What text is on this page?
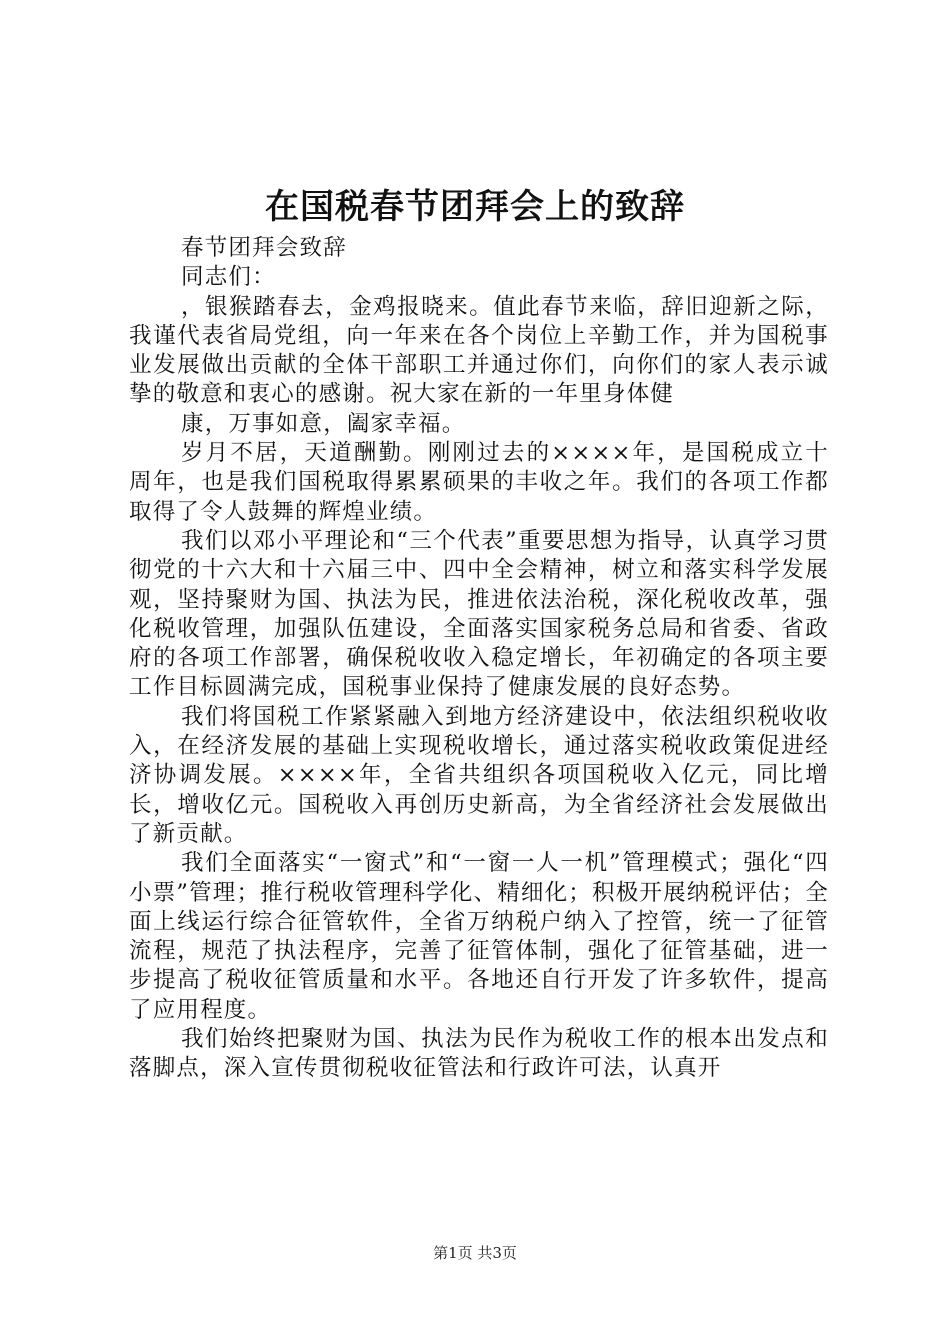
在国税春节团拜会上的致辞

春节团拜会致辞

同志们：

，银猴踏春去，金鸡报晓来。值此春节来临，辞旧迎新之际，我谨代表省局党组，向一年来在各个岗位上辛勤工作，并为国税事业发展做出贡献的全体干部职工并通过你们，向你们的家人表示诚挚的敬意和衷心的感谢。祝大家在新的一年里身体健

康，万事如意，阖家幸福。

岁月不居，天道酬勤。刚刚过去的××××年，是国税成立十周年，也是我们国税取得累累硕果的丰收之年。我们的各项工作都取得了令人鼓舞的辉煌业绩。

我们以邓小平理论和“三个代表”重要思想为指导，认真学习贯彻党的十六大和十六届三中、四中全会精神，树立和落实科学发展观，坚持聚财为国、执法为民，推进依法治税，深化税收改革，强化税收管理，加强队伍建设，全面落实国家税务总局和省委、省政府的各项工作部署，确保税收收入稳定增长，年初确定的各项主要工作目标圆满完成，国税事业保持了健康发展的良好态势。

我们将国税工作紧紧融入到地方经济建设中，依法组织税收收入，在经济发展的基础上实现税收增长，通过落实税收政策促进经济协调发展。××××年，全省共组织各项国税收入亿元，同比增长，增收亿元。国税收入再创历史新高，为全省经济社会发展做出了新贡献。

我们全面落实“一窗式”和“一窗一人一机”管理模式；强化“四小票”管理；推行税收管理科学化、精细化；积极开展纳税评估；全面上线运行综合征管软件，全省万纳税户纳入了控管，统一了征管流程，规范了执法程序，完善了征管体制，强化了征管基础，进一步提高了税收征管质量和水平。各地还自行开发了许多软件，提高了应用程度。

我们始终把聚财为国、执法为民作为税收工作的根本出发点和落脚点，深入宣传贯彻税收征管法和行政许可法，认真开

第1页 共3页
